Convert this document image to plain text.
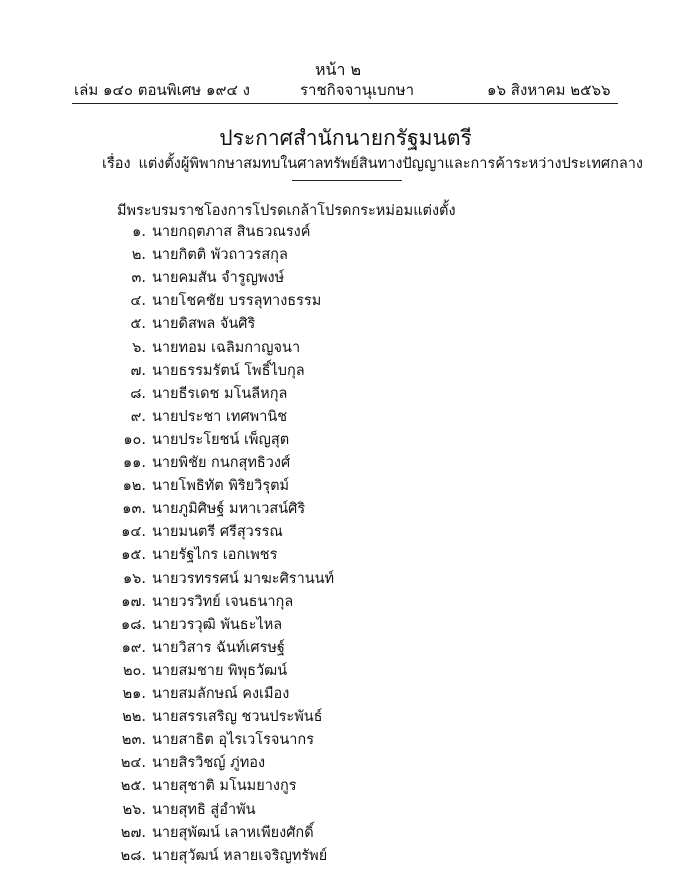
หน้า ๒
เล่ม ๑๔๐ ตอนพิเศษ ๑๙๔ ง	ราชกิจจานุเบกษา	๑๖ สิงหาคม ๒๕๖๖
ประกาศสำนักนายกรัฐมนตรี
เรื่อง แต่งตั้งผู้พิพากษาสมทบในศาลทรัพย์สินทางปัญญาและการค้าระหว่างประเทศกลาง
มีพระบรมราชโองการโปรดเกล้าโปรดกระหม่อมแต่งตั้ง
๑. นายกฤตภาส สินธวณรงค์
๒. นายกิตติ พัวถาวรสกุล
๓. นายคมสัน จำรูญพงษ์
๔. นายโชคชัย บรรลุทางธรรม
๕. นายดิสพล จันศิริ
๖. นายทอม เฉลิมกาญจนา
๗. นายธรรมรัตน์ โพธิ์ไบกุล
๘. นายธีรเดช มโนลีหกุล
๙. นายประชา เทศพานิช
๑๐. นายประโยชน์ เพ็ญสุต
๑๑. นายพิชัย กนกสุทธิวงศ์
๑๒. นายโพธิทัต พิริยวิรุตม์
๑๓. นายภูมิศิษฐ์ มหาเวสน์ศิริ
๑๔. นายมนตรี ศรีสุวรรณ
๑๕. นายรัฐไกร เอกเพชร
๑๖. นายวรทรรศน์ มาฆะศิรานนท์
๑๗. นายวรวิทย์ เจนธนากุล
๑๘. นายวรวุฒิ พันธะไหล
๑๙. นายวิสาร ฉันท์เศรษฐ์
๒๐. นายสมชาย พิพุธวัฒน์
๒๑. นายสมลักษณ์ คงเมือง
๒๒. นายสรรเสริญ ชวนประพันธ์
๒๓. นายสาธิต อุไรเวโรจนากร
๒๔. นายสิรวิชญ์ ภู่ทอง
๒๕. นายสุชาติ มโนมยางกูร
๒๖. นายสุทธิ สู่อำพัน
๒๗. นายสุพัฒน์ เลาหเพียงศักดิ์
๒๘. นายสุวัฒน์ หลายเจริญทรัพย์
